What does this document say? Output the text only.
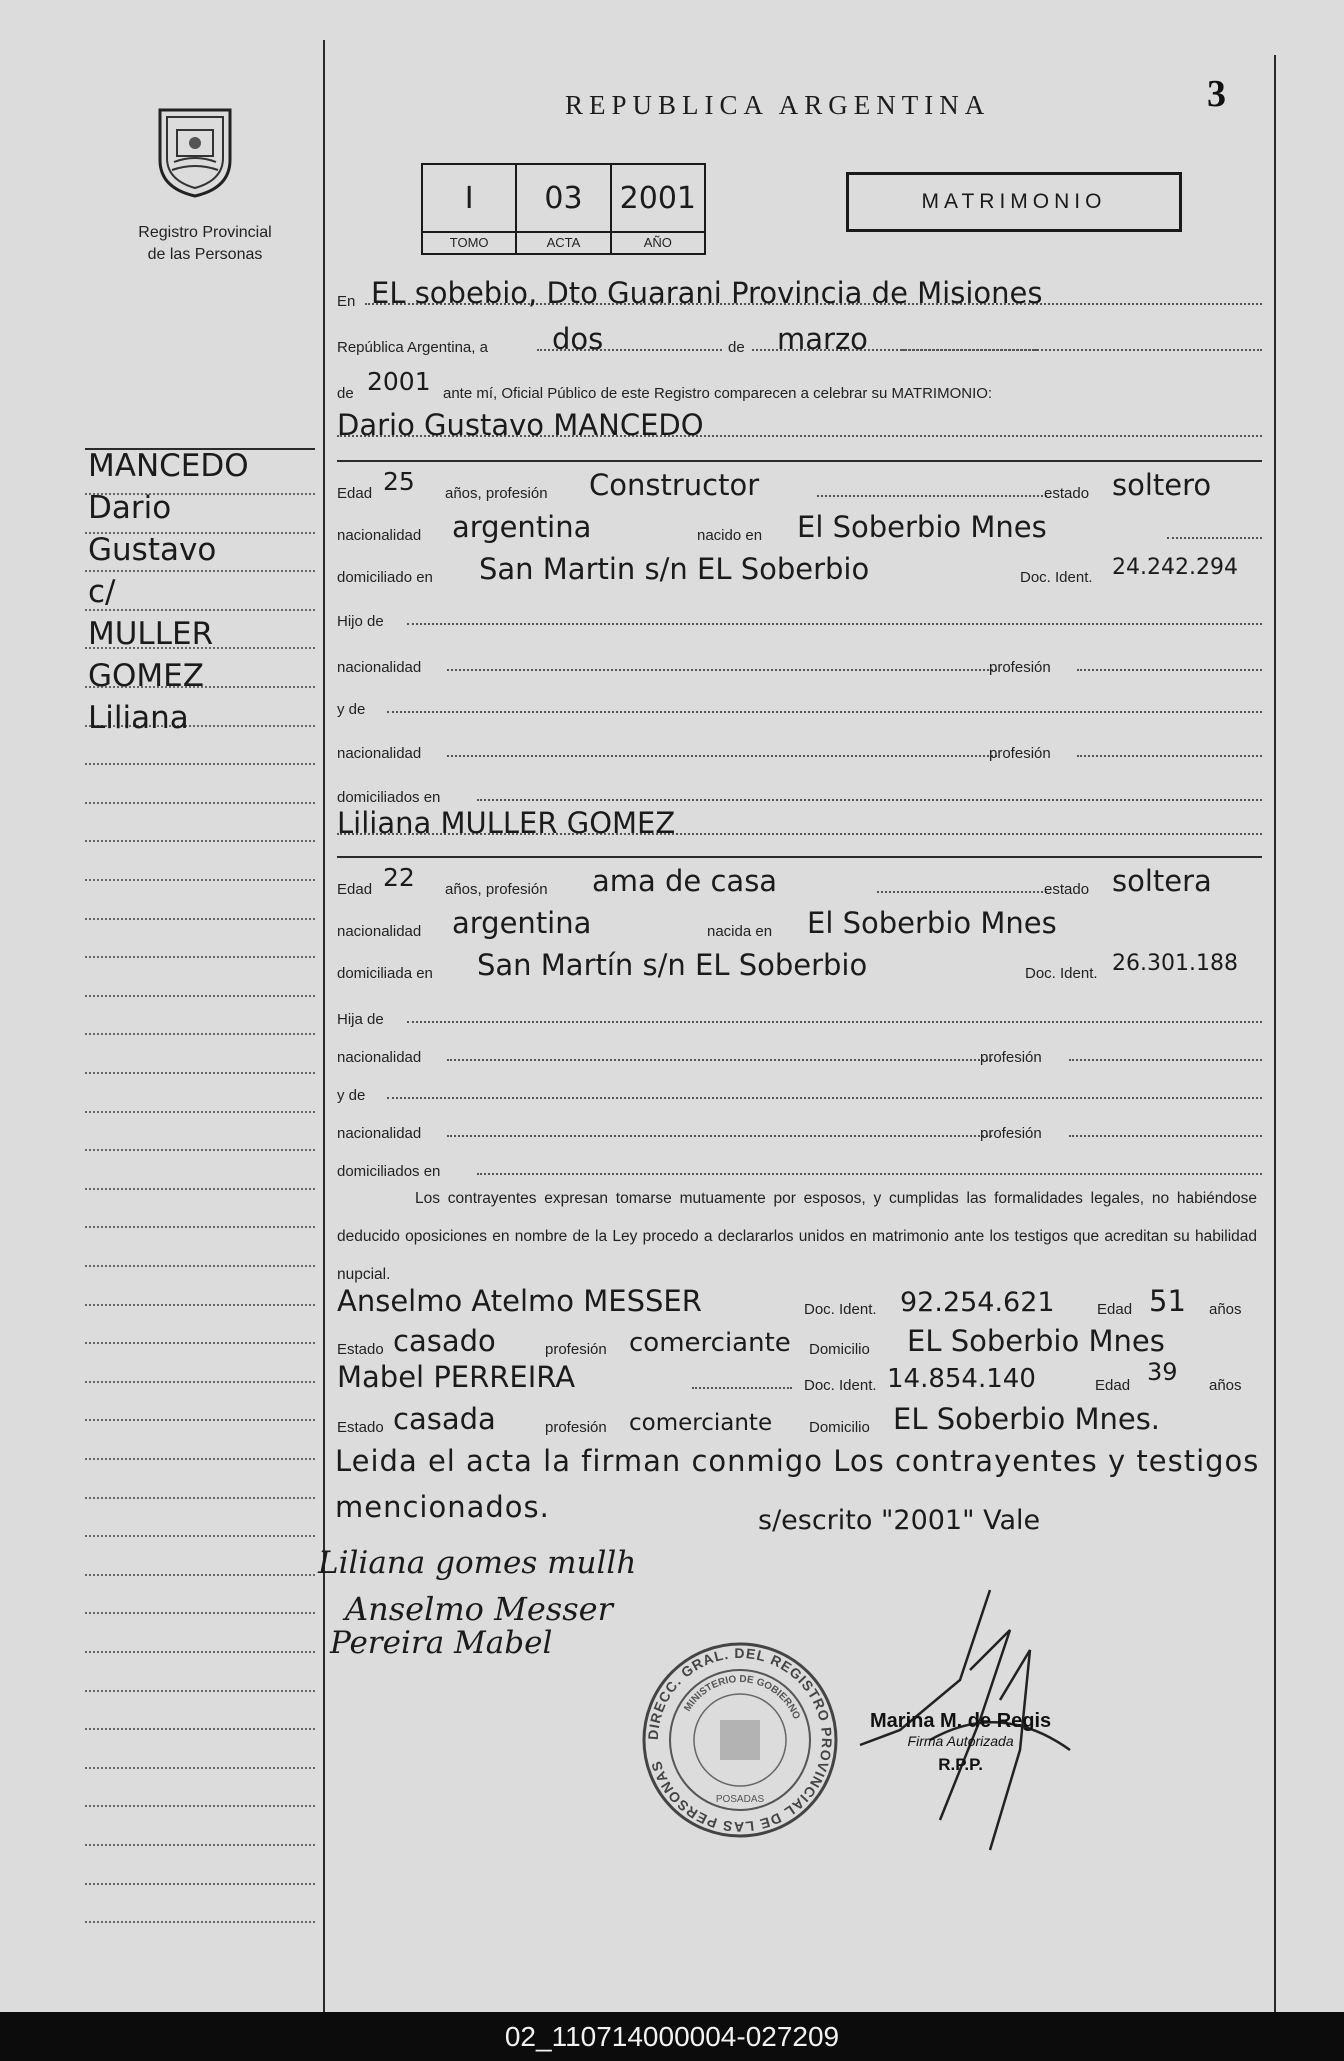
Registro Provincial
de las Personas
REPUBLICA ARGENTINA	3
I
TOMO
03
ACTA
2001
AÑO
MATRIMONIO
En EL sobebio, Dto Guarani Provincia de Misiones
República Argentina, a dos	de marzo
de 2001 ante mí, Oficial Público de este Registro comparecen a celebrar su MATRIMONIO:
Dario Gustavo MANCEDO
Edad 25 años, profesión Constructor	estado soltero
nacionalidad argentina	nacido en El Soberbio Mnes
domiciliado en San Martin s/n EL Soberbio	Doc. Ident. 24.242.294
Hijo de
nacionalidad	profesión
y de
nacionalidad	profesión
domiciliados en
Liliana MULLER GOMEZ
Edad 22 años, profesión ama de casa	estado soltera
nacionalidad argentina	nacida en El Soberbio Mnes
domiciliada en San Martín s/n EL Soberbio	Doc. Ident. 26.301.188
Hija de
nacionalidad	profesión
y de
nacionalidad	profesión
domiciliados en
Los contrayentes expresan tomarse mutuamente por esposos, y cumplidas las formalidades legales, no habiéndose deducido oposiciones en nombre de la Ley procedo a declararlos unidos en matrimonio ante los testigos que acreditan su habilidad nupcial.
Anselmo Atelmo MESSER	Doc. Ident. 92.254.621	Edad 51 años
Estado casado	profesión comerciante Domicilio EL Soberbio Mnes
Mabel PERREIRA	Doc. Ident. 14.854.140	Edad 39 años
Estado casada	profesión comerciante Domicilio EL Soberbio Mnes.
Leida el acta la firman conmigo Los contrayentes y testigos mencionados.	s/escrito "2001" Vale
Liliana gomes mullh
Anselmo Messer
Pereira Mabel
DIRECC. GRAL. DEL REGISTRO PROVINCIAL DE LAS PERSONAS
MINISTERIO DE GOBIERNO
POSADAS
Marina M. de Regis
Firma Autorizada
R.P.P.
MANCEDO
Dario
Gustavo
c/
MULLER
GOMEZ
Liliana
02_110714000004-027209
